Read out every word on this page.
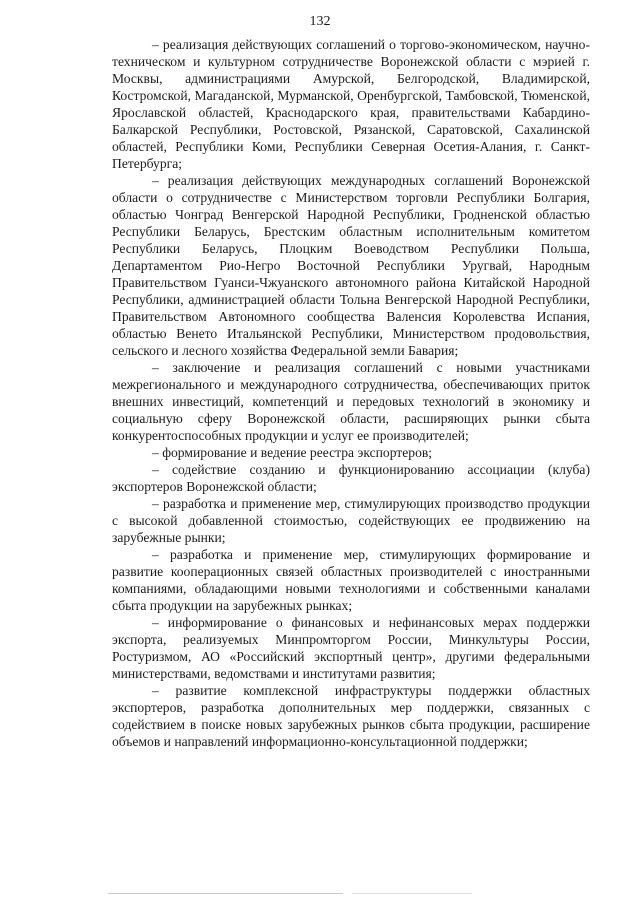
132

– реализация действующих соглашений о торгово-экономическом, научно-техническом и культурном сотрудничестве Воронежской области с мэрией г. Москвы, администрациями Амурской, Белгородской, Владимирской, Костромской, Магаданской, Мурманской, Оренбургской, Тамбовской, Тюменской, Ярославской областей, Краснодарского края, правительствами Кабардино-Балкарской Республики, Ростовской, Рязанской, Саратовской, Сахалинской областей, Республики Коми, Республики Северная Осетия-Алания, г. Санкт-Петербурга;

– реализация действующих международных соглашений Воронежской области о сотрудничестве с Министерством торговли Республики Болгария, областью Чонград Венгерской Народной Республики, Гродненской областью Республики Беларусь, Брестским областным исполнительным комитетом Республики Беларусь, Плоцким Воеводством Республики Польша, Департаментом Рио-Негро Восточной Республики Уругвай, Народным Правительством Гуанси-Чжуанского автономного района Китайской Народной Республики, администрацией области Тольна Венгерской Народной Республики, Правительством Автономного сообщества Валенсия Королевства Испания, областью Венето Итальянской Республики, Министерством продовольствия, сельского и лесного хозяйства Федеральной земли Бавария;

– заключение и реализация соглашений с новыми участниками межрегионального и международного сотрудничества, обеспечивающих приток внешних инвестиций, компетенций и передовых технологий в экономику и социальную сферу Воронежской области, расширяющих рынки сбыта конкурентоспособных продукции и услуг ее производителей;

– формирование и ведение реестра экспортеров;

– содействие созданию и функционированию ассоциации (клуба) экспортеров Воронежской области;

– разработка и применение мер, стимулирующих производство продукции с высокой добавленной стоимостью, содействующих ее продвижению на зарубежные рынки;

– разработка и применение мер, стимулирующих формирование и развитие кооперационных связей областных производителей с иностранными компаниями, обладающими новыми технологиями и собственными каналами сбыта продукции на зарубежных рынках;

– информирование о финансовых и нефинансовых мерах поддержки экспорта, реализуемых Минпромторгом России, Минкультуры России, Ростуризмом, АО «Российский экспортный центр», другими федеральными министерствами, ведомствами и институтами развития;

– развитие комплексной инфраструктуры поддержки областных экспортеров, разработка дополнительных мер поддержки, связанных с содействием в поиске новых зарубежных рынков сбыта продукции, расширение объемов и направлений информационно-консультационной поддержки;
